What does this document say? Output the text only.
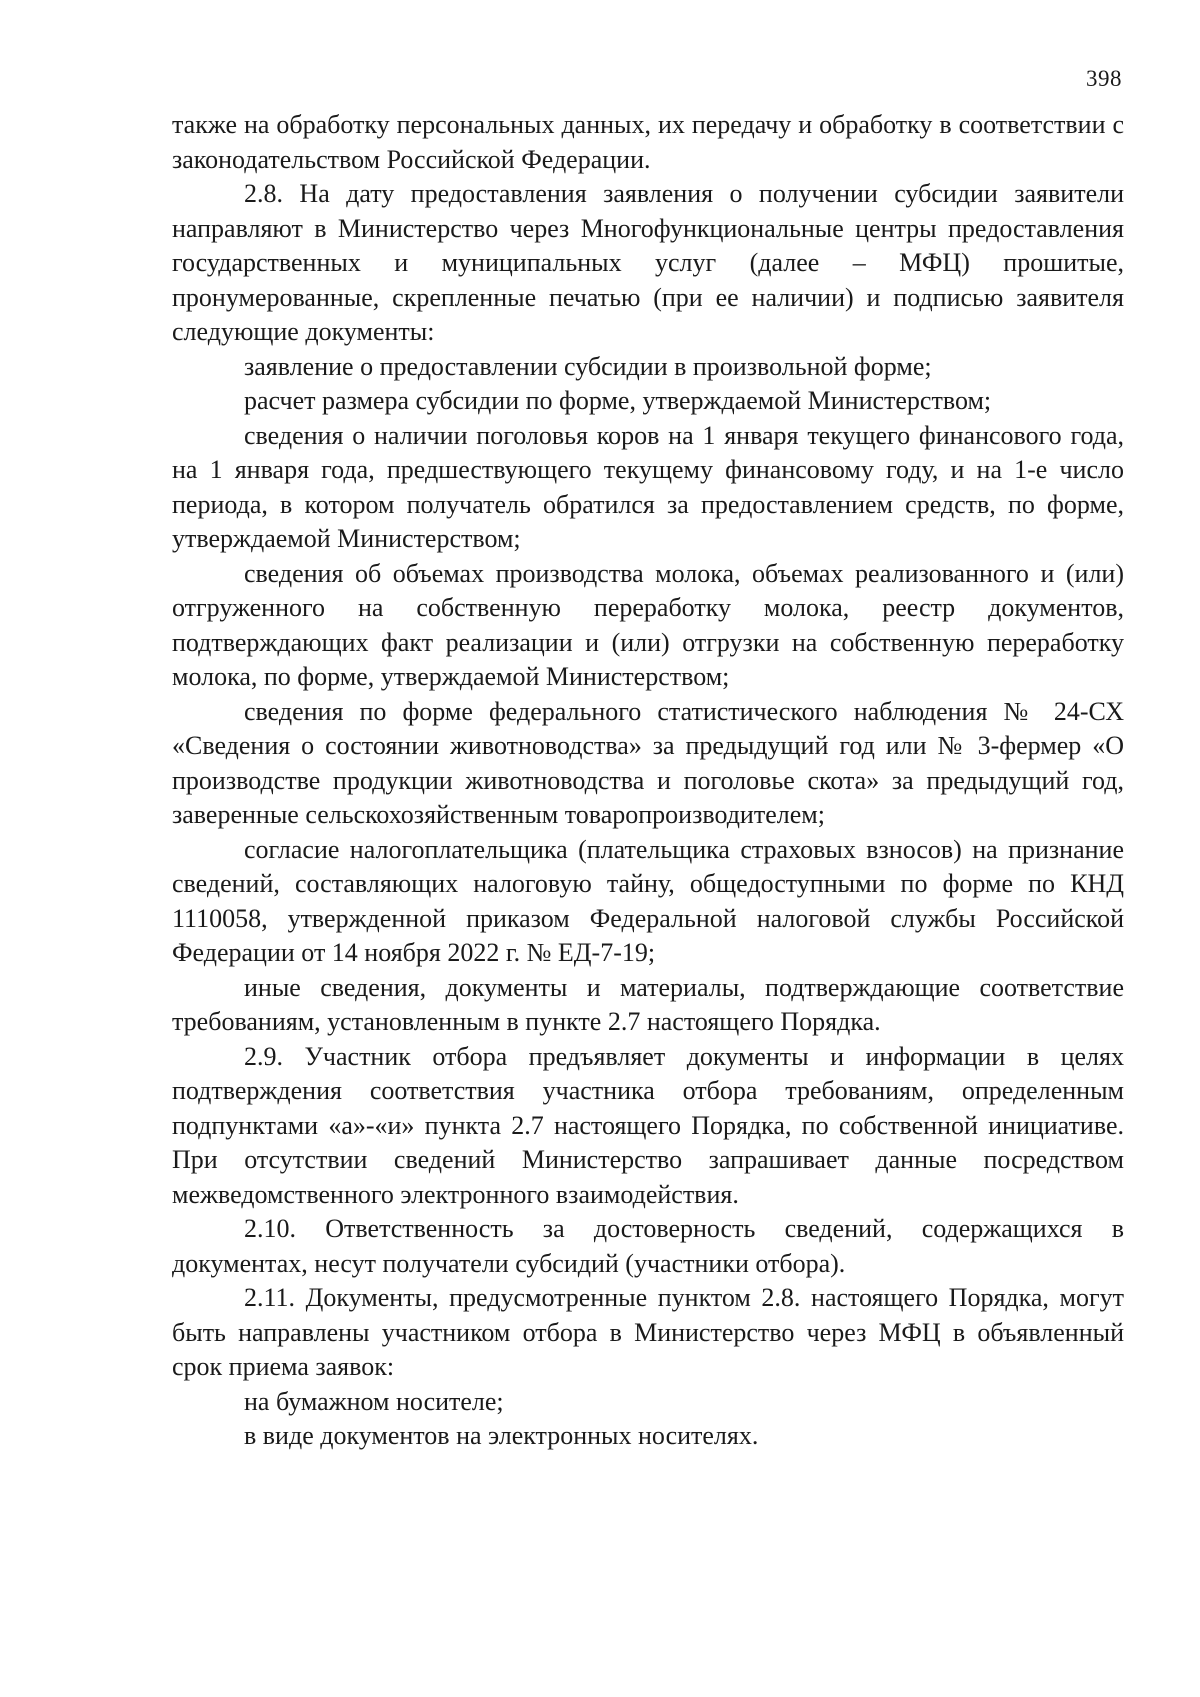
398

также на обработку персональных данных, их передачу и обработку в соответствии с законодательством Российской Федерации.

2.8. На дату предоставления заявления о получении субсидии заявители направляют в Министерство через Многофункциональные центры предоставления государственных и муниципальных услуг (далее – МФЦ) прошитые, пронумерованные, скрепленные печатью (при ее наличии) и подписью заявителя следующие документы:

заявление о предоставлении субсидии в произвольной форме;

расчет размера субсидии по форме, утверждаемой Министерством;

сведения о наличии поголовья коров на 1 января текущего финансового года, на 1 января года, предшествующего текущему финансовому году, и на 1-е число периода, в котором получатель обратился за предоставлением средств, по форме, утверждаемой Министерством;

сведения об объемах производства молока, объемах реализованного и (или) отгруженного на собственную переработку молока, реестр документов, подтверждающих факт реализации и (или) отгрузки на собственную переработку молока, по форме, утверждаемой Министерством;

сведения по форме федерального статистического наблюдения № 24-СХ «Сведения о состоянии животноводства» за предыдущий год или № 3-фермер «О производстве продукции животноводства и поголовье скота» за предыдущий год, заверенные сельскохозяйственным товаропроизводителем;

согласие налогоплательщика (плательщика страховых взносов) на признание сведений, составляющих налоговую тайну, общедоступными по форме по КНД 1110058, утвержденной приказом Федеральной налоговой службы Российской Федерации от 14 ноября 2022 г. № ЕД-7-19;

иные сведения, документы и материалы, подтверждающие соответствие требованиям, установленным в пункте 2.7 настоящего Порядка.

2.9. Участник отбора предъявляет документы и информации в целях подтверждения соответствия участника отбора требованиям, определенным подпунктами «а»-«и» пункта 2.7 настоящего Порядка, по собственной инициативе. При отсутствии сведений Министерство запрашивает данные посредством межведомственного электронного взаимодействия.

2.10. Ответственность за достоверность сведений, содержащихся в документах, несут получатели субсидий (участники отбора).

2.11. Документы, предусмотренные пунктом 2.8. настоящего Порядка, могут быть направлены участником отбора в Министерство через МФЦ в объявленный срок приема заявок:

на бумажном носителе;

в виде документов на электронных носителях.
